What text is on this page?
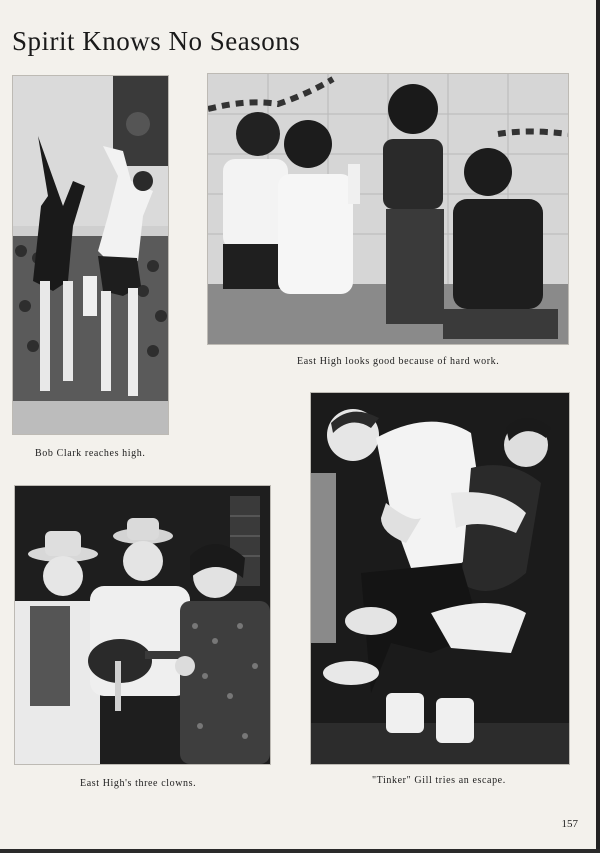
Spirit Knows No Seasons
Bob Clark reaches high.
East High looks good because of hard work.
East High's three clowns.	"Tinker" Gill tries an escape.
157
